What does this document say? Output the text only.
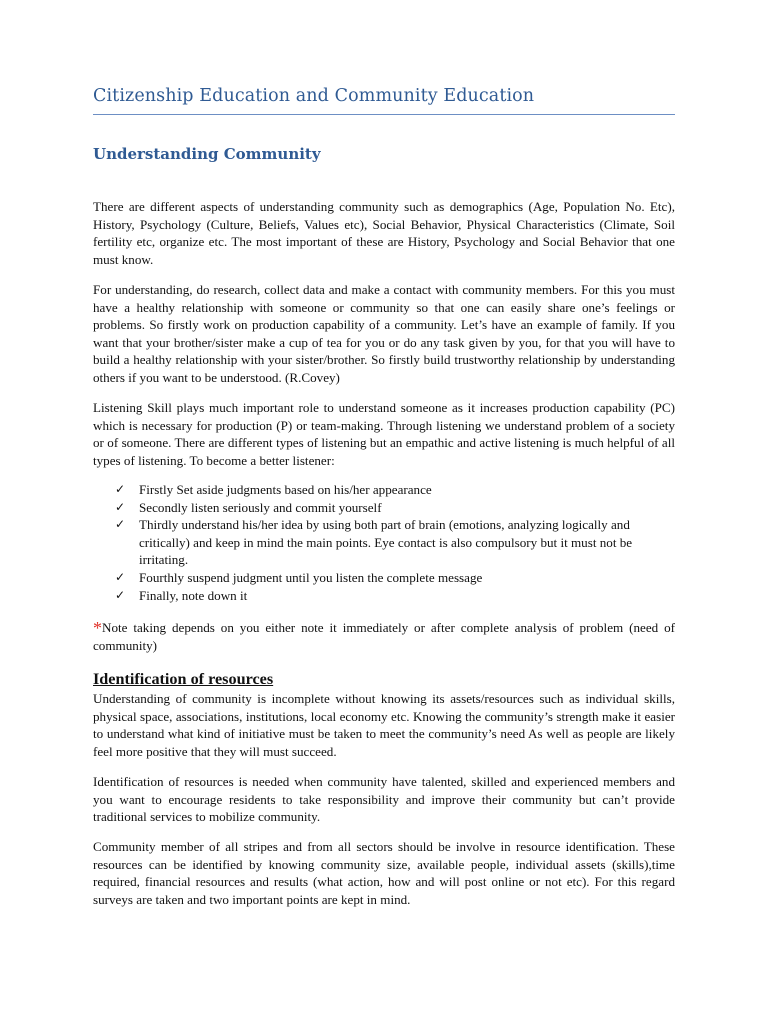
Citizenship Education and Community Education
Understanding Community

There are different aspects of understanding community such as demographics (Age, Population No. Etc), History, Psychology (Culture, Beliefs, Values etc), Social Behavior, Physical Characteristics (Climate, Soil fertility etc, organize etc. The most important of these are History, Psychology and Social Behavior that one must know.

For understanding, do research, collect data and make a contact with community members. For this you must have a healthy relationship with someone or community so that one can easily share one’s feelings or problems. So firstly work on production capability of a community. Let’s have an example of family. If you want that your brother/sister make a cup of tea for you or do any task given by you, for that you will have to build a healthy relationship with your sister/brother. So firstly build trustworthy relationship by understanding others if you want to be understood. (R.Covey)

Listening Skill plays much important role to understand someone as it increases production capability (PC) which is necessary for production (P) or team-making. Through listening we understand problem of a society or of someone. There are different types of listening but an empathic and active listening is much helpful of all types of listening. To become a better listener:

✓ Firstly Set aside judgments based on his/her appearance
✓ Secondly listen seriously and commit yourself
✓ Thirdly understand his/her idea by using both part of brain (emotions, analyzing logically and critically) and keep in mind the main points. Eye contact is also compulsory but it must not be irritating.
✓ Fourthly suspend judgment until you listen the complete message
✓ Finally, note down it

*Note taking depends on you either note it immediately or after complete analysis of problem (need of community)

Identification of resources

Understanding of community is incomplete without knowing its assets/resources such as individual skills, physical space, associations, institutions, local economy etc. Knowing the community’s strength make it easier to understand what kind of initiative must be taken to meet the community’s need As well as people are likely feel more positive that they will must succeed.

Identification of resources is needed when community have talented, skilled and experienced members and you want to encourage residents to take responsibility and improve their community but can’t provide traditional services to mobilize community.

Community member of all stripes and from all sectors should be involve in resource identification. These resources can be identified by knowing community size, available people, individual assets (skills),time required, financial resources and results (what action, how and will post online or not etc). For this regard surveys are taken and two important points are kept in mind.
